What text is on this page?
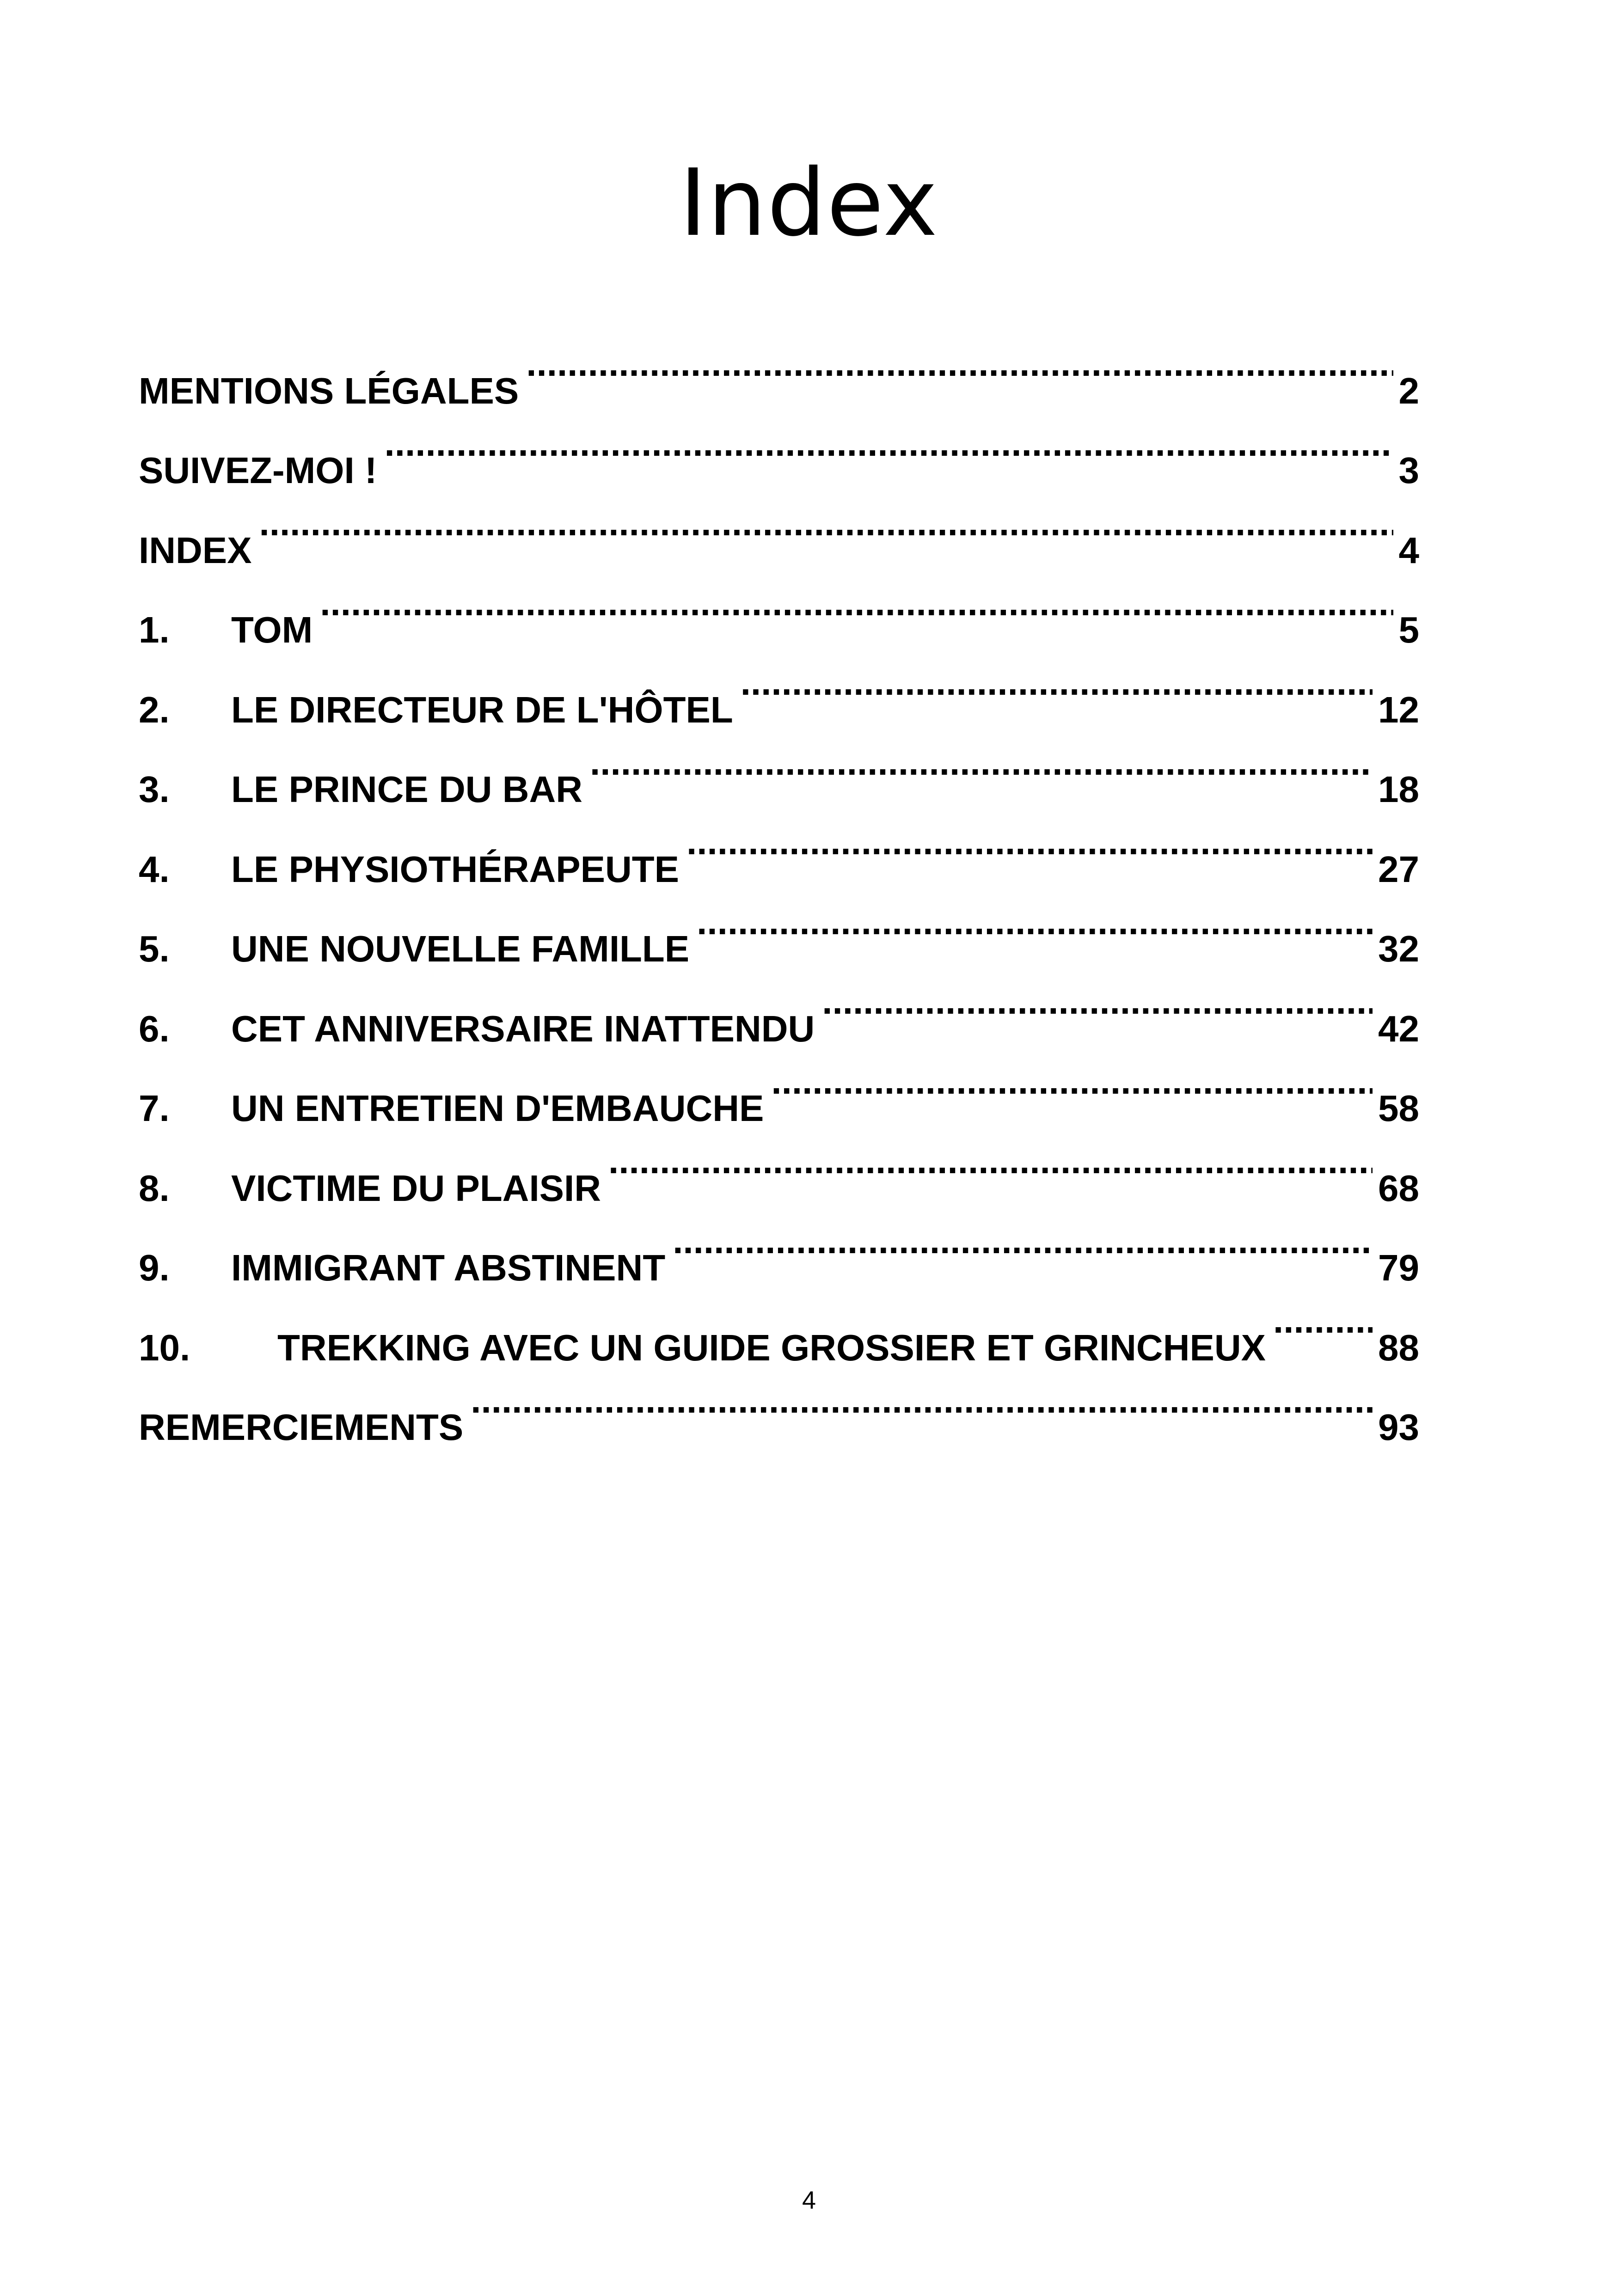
Index
MENTIONS LÉGALES .....	2
SUIVEZ-MOI ! .....	3
INDEX .....	4
1.	TOM .....	5
2.	LE DIRECTEUR DE L'HÔTEL .....	12
3.	LE PRINCE DU BAR .....	18
4.	LE PHYSIOTHÉRAPEUTE .....	27
5.	UNE NOUVELLE FAMILLE .....	32
6.	CET ANNIVERSAIRE INATTENDU .....	42
7.	UN ENTRETIEN D'EMBAUCHE .....	58
8.	VICTIME DU PLAISIR .....	68
9.	IMMIGRANT ABSTINENT .....	79
10.	TREKKING AVEC UN GUIDE GROSSIER ET GRINCHEUX .....	88
REMERCIEMENTS .....	93
4
